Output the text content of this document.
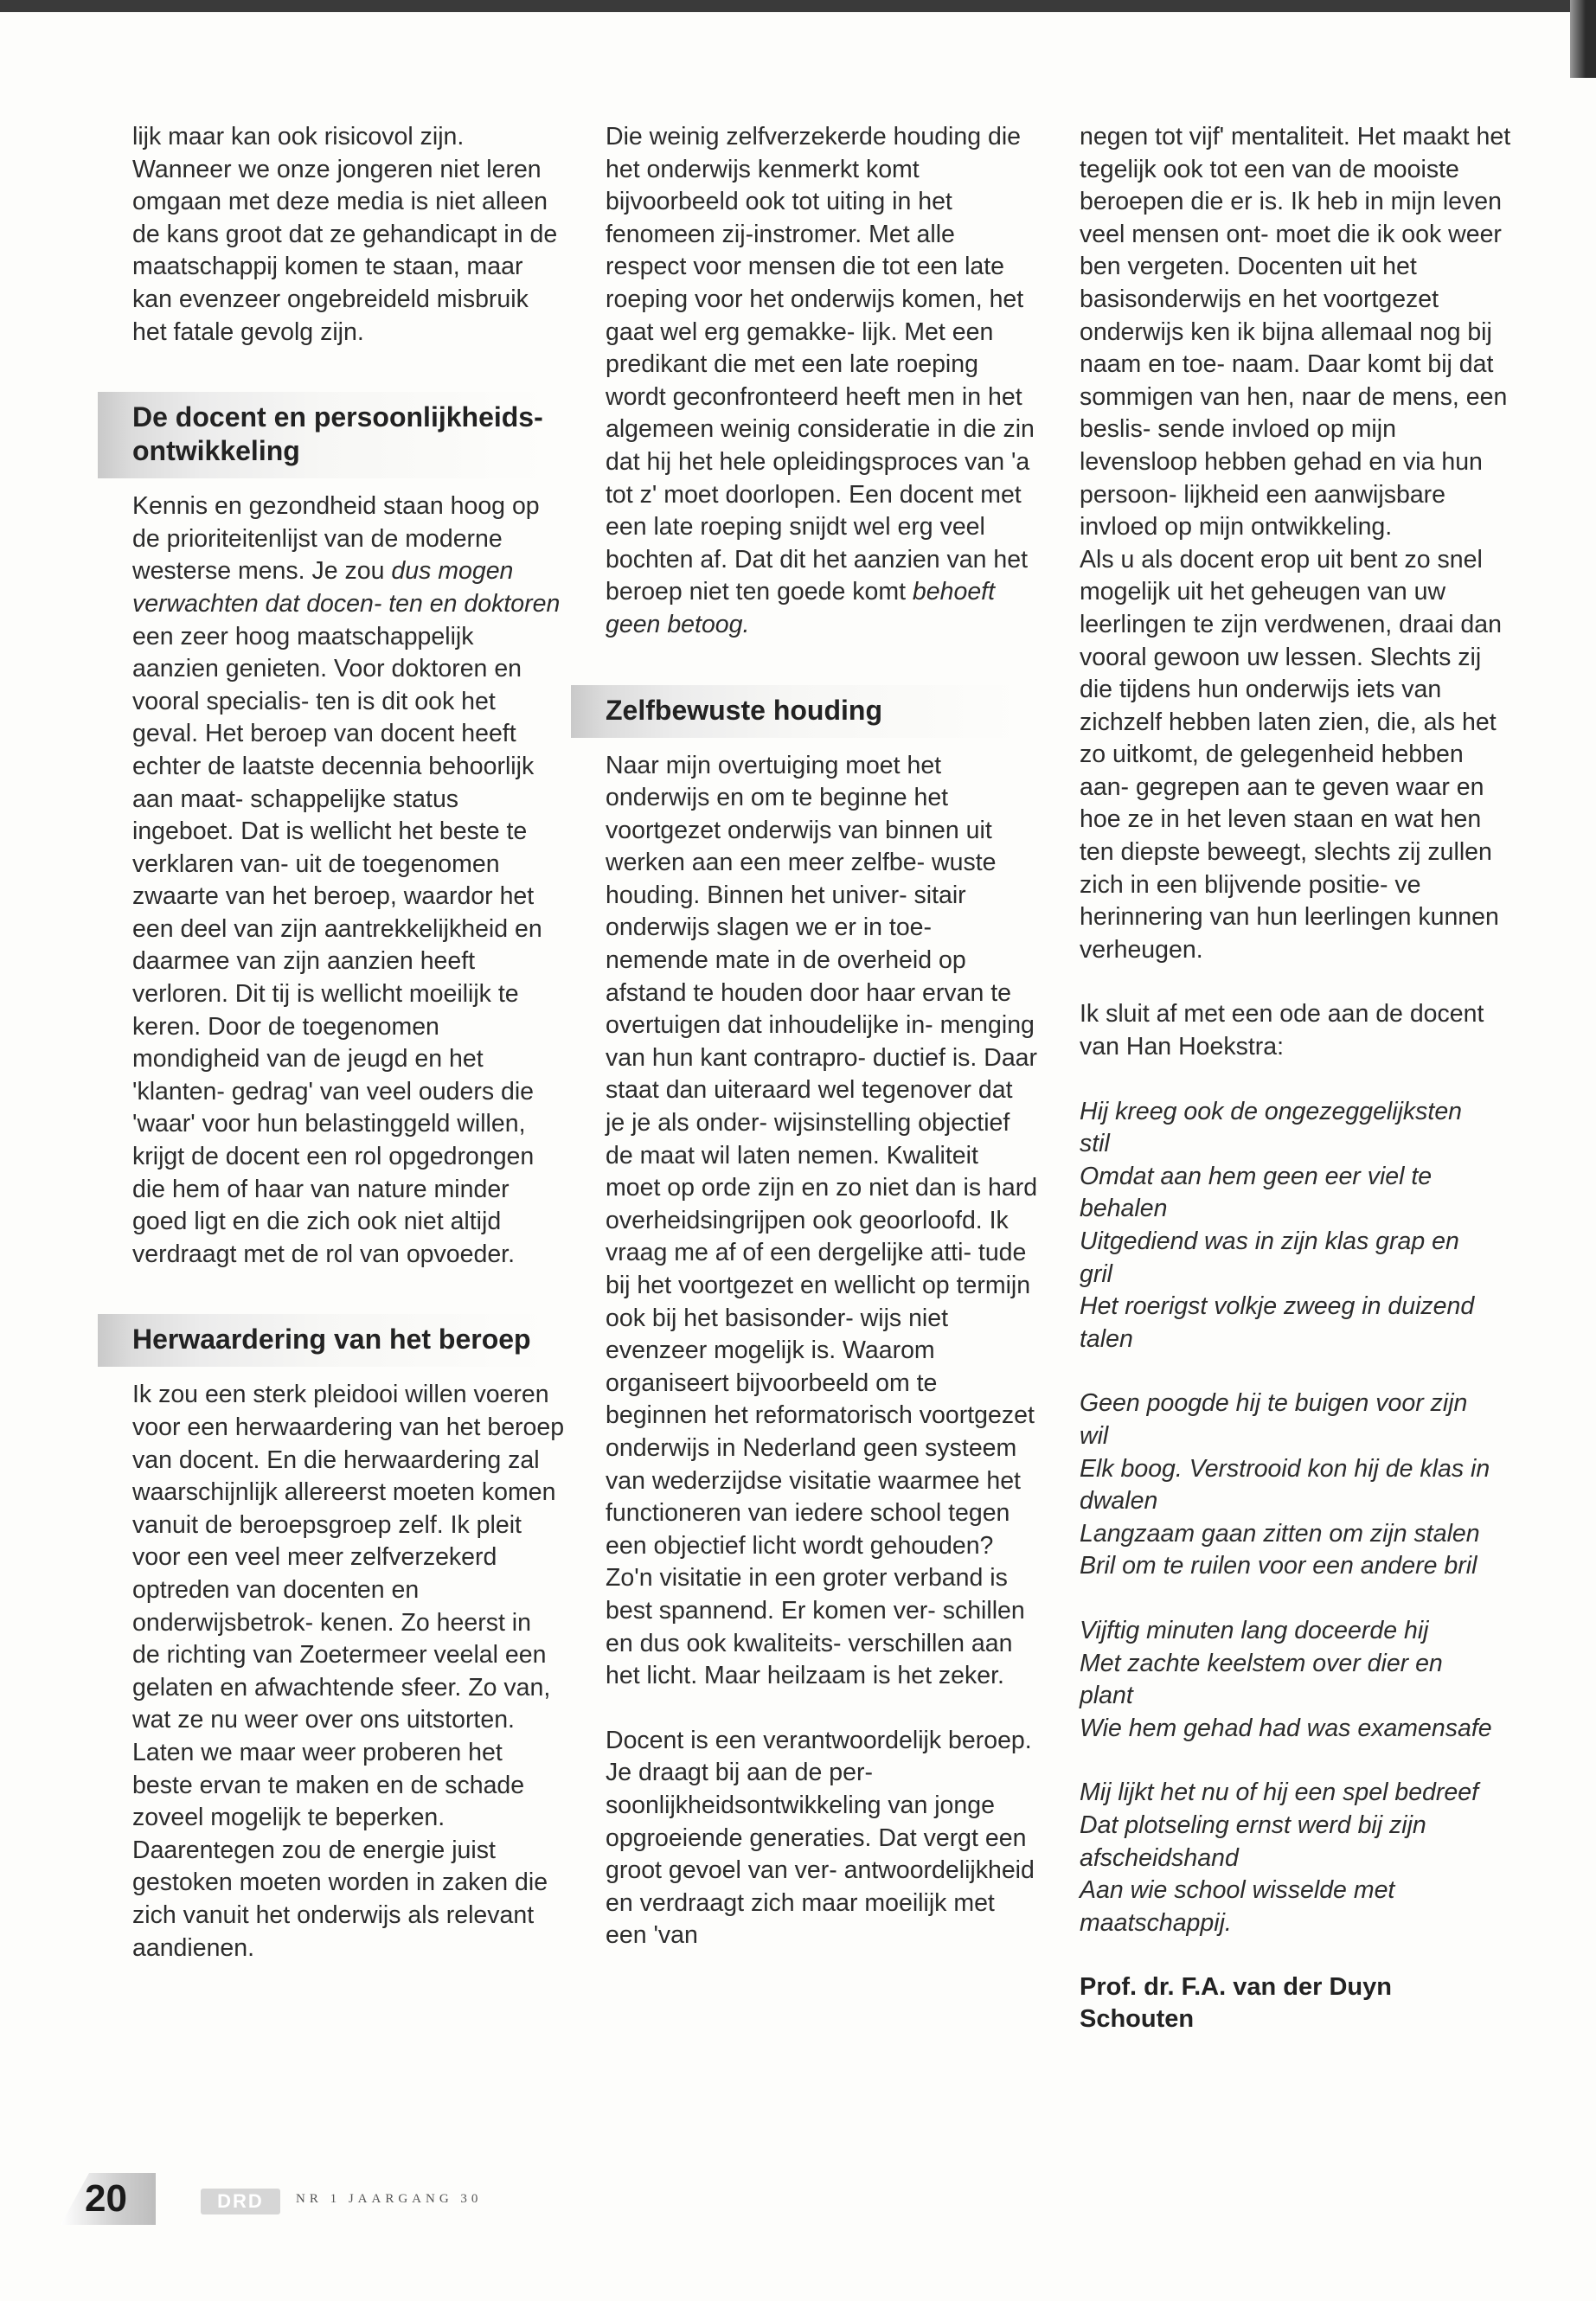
lijk maar kan ook risicovol zijn. Wanneer we onze jongeren niet leren omgaan met deze media is niet alleen de kans groot dat ze gehandicapt in de maatschappij komen te staan, maar kan evenzeer ongebreideld misbruik het fatale gevolg zijn.

De docent en persoonlijkheids-
ontwikkeling

Kennis en gezondheid staan hoog op de prioriteitenlijst van de moderne westerse mens. Je zou dus mogen verwachten dat docen- ten en doktoren een zeer hoog maatschappelijk aanzien genieten. Voor doktoren en vooral specialis- ten is dit ook het geval. Het beroep van docent heeft echter de laatste decennia behoorlijk aan maat- schappelijke status ingeboet. Dat is wellicht het beste te verklaren van- uit de toegenomen zwaarte van het beroep, waardor het een deel van zijn aantrekkelijkheid en daarmee van zijn aanzien heeft verloren. Dit tij is wellicht moeilijk te keren. Door de toegenomen mondigheid van de jeugd en het 'klanten- gedrag' van veel ouders die 'waar' voor hun belastinggeld willen, krijgt de docent een rol opgedrongen die hem of haar van nature minder goed ligt en die zich ook niet altijd verdraagt met de rol van opvoeder.

Herwaardering van het beroep

Ik zou een sterk pleidooi willen voeren voor een herwaardering van het beroep van docent. En die herwaardering zal waarschijnlijk allereerst moeten komen vanuit de beroepsgroep zelf. Ik pleit voor een veel meer zelfverzekerd optreden van docenten en onderwijsbetrok- kenen. Zo heerst in de richting van Zoetermeer veelal een gelaten en afwachtende sfeer. Zo van, wat ze nu weer over ons uitstorten. Laten we maar weer proberen het beste ervan te maken en de schade zoveel mogelijk te beperken. Daarentegen zou de energie juist gestoken moeten worden in zaken die zich vanuit het onderwijs als relevant aandienen.

Die weinig zelfverzekerde houding die het onderwijs kenmerkt komt bijvoorbeeld ook tot uiting in het fenomeen zij-instromer. Met alle respect voor mensen die tot een late roeping voor het onderwijs komen, het gaat wel erg gemakke- lijk. Met een predikant die met een late roeping wordt geconfronteerd heeft men in het algemeen weinig consideratie in die zin dat hij het hele opleidingsproces van 'a tot z' moet doorlopen. Een docent met een late roeping snijdt wel erg veel bochten af. Dat dit het aanzien van het beroep niet ten goede komt behoeft geen betoog.

Zelfbewuste houding

Naar mijn overtuiging moet het onderwijs en om te beginne het voortgezet onderwijs van binnen uit werken aan een meer zelfbe- wuste houding. Binnen het univer- sitair onderwijs slagen we er in toe- nemende mate in de overheid op afstand te houden door haar ervan te overtuigen dat inhoudelijke in- menging van hun kant contrapro- ductief is. Daar staat dan uiteraard wel tegenover dat je je als onder- wijsinstelling objectief de maat wil laten nemen. Kwaliteit moet op orde zijn en zo niet dan is hard overheidsingrijpen ook geoorloofd. Ik vraag me af of een dergelijke atti- tude bij het voortgezet en wellicht op termijn ook bij het basisonder- wijs niet evenzeer mogelijk is. Waarom organiseert bijvoorbeeld om te beginnen het reformatorisch voortgezet onderwijs in Nederland geen systeem van wederzijdse visitatie waarmee het functioneren van iedere school tegen een objectief licht wordt gehouden? Zo'n visitatie in een groter verband is best spannend. Er komen ver- schillen en dus ook kwaliteits- verschillen aan het licht. Maar heilzaam is het zeker.

Docent is een verantwoordelijk beroep. Je draagt bij aan de per- soonlijkheidsontwikkeling van jonge opgroeiende generaties. Dat vergt een groot gevoel van ver- antwoordelijkheid en verdraagt zich maar moeilijk met een 'van

negen tot vijf' mentaliteit. Het maakt het tegelijk ook tot een van de mooiste beroepen die er is. Ik heb in mijn leven veel mensen ont- moet die ik ook weer ben vergeten. Docenten uit het basisonderwijs en het voortgezet onderwijs ken ik bijna allemaal nog bij naam en toe- naam. Daar komt bij dat sommigen van hen, naar de mens, een beslis- sende invloed op mijn levensloop hebben gehad en via hun persoon- lijkheid een aanwijsbare invloed op mijn ontwikkeling.

Als u als docent erop uit bent zo snel mogelijk uit het geheugen van uw leerlingen te zijn verdwenen, draai dan vooral gewoon uw lessen. Slechts zij die tijdens hun onderwijs iets van zichzelf hebben laten zien, die, als het zo uitkomt, de gelegenheid hebben aan- gegrepen aan te geven waar en hoe ze in het leven staan en wat hen ten diepste beweegt, slechts zij zullen zich in een blijvende positie- ve herinnering van hun leerlingen kunnen verheugen.

Ik sluit af met een ode aan de docent van Han Hoekstra:

Hij kreeg ook de ongezeggelijksten

stil

Omdat aan hem geen eer viel te

behalen

Uitgediend was in zijn klas grap en

gril

Het roerigst volkje zweeg in duizend

talen

Geen poogde hij te buigen voor zijn

wil

Elk boog. Verstrooid kon hij de klas in

dwalen

Langzaam gaan zitten om zijn stalen

Bril om te ruilen voor een andere bril

Vijftig minuten lang doceerde hij

Met zachte keelstem over dier en

plant

Wie hem gehad had was examensafe

Mij lijkt het nu of hij een spel bedreef

Dat plotseling ernst werd bij zijn

afscheidshand

Aan wie school wisselde met

maatschappij.

Prof. dr. F.A. van der Duyn
Schouten
20	DRD	NR 1 JAARGANG 30
